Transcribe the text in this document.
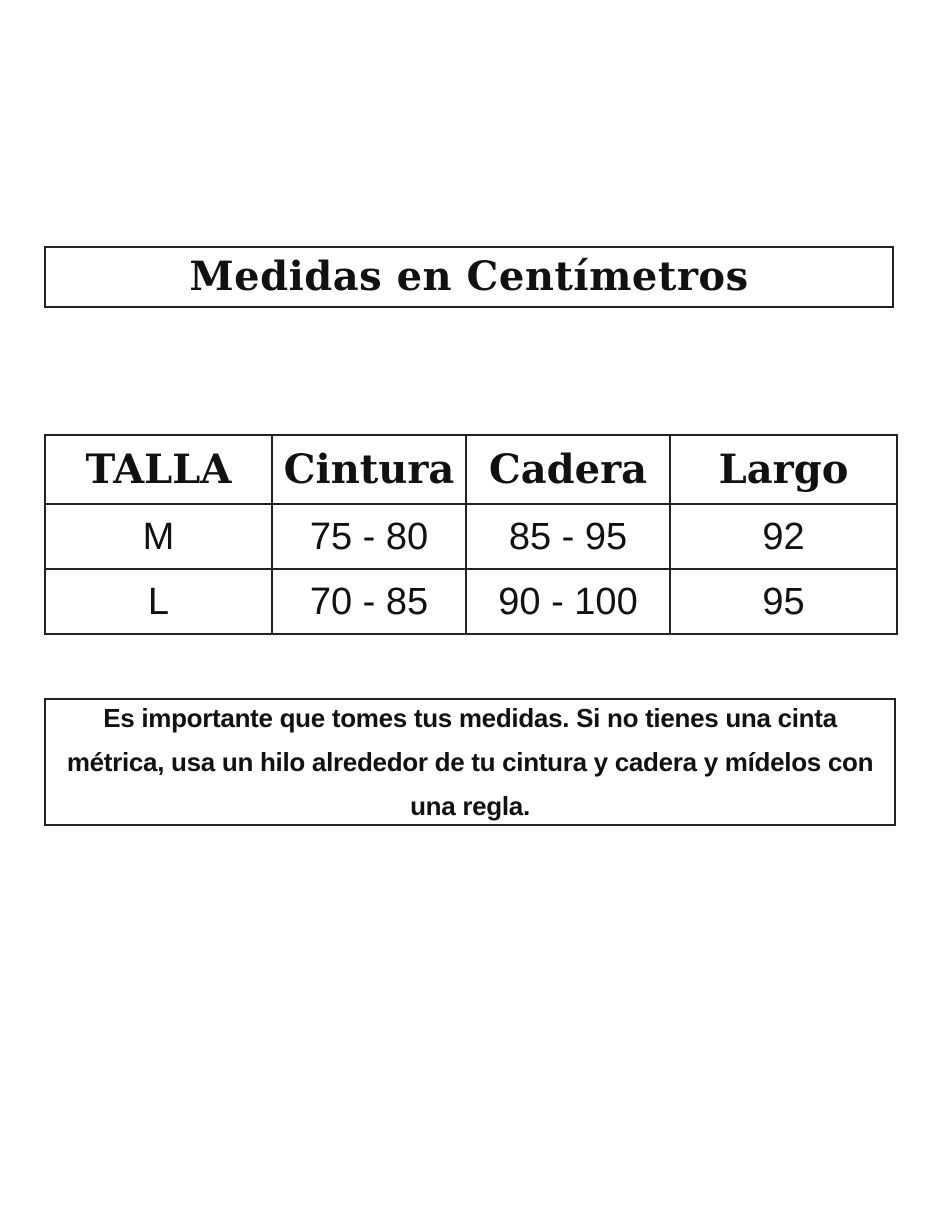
Medidas en Centímetros
TALLA	Cintura	Cadera	Largo
M	75 - 80	85 - 95	92
L	70 - 85	90 - 100	95
Es importante que tomes tus medidas. Si no tienes una cinta métrica, usa un hilo alrededor de tu cintura y cadera y mídelos con una regla.
